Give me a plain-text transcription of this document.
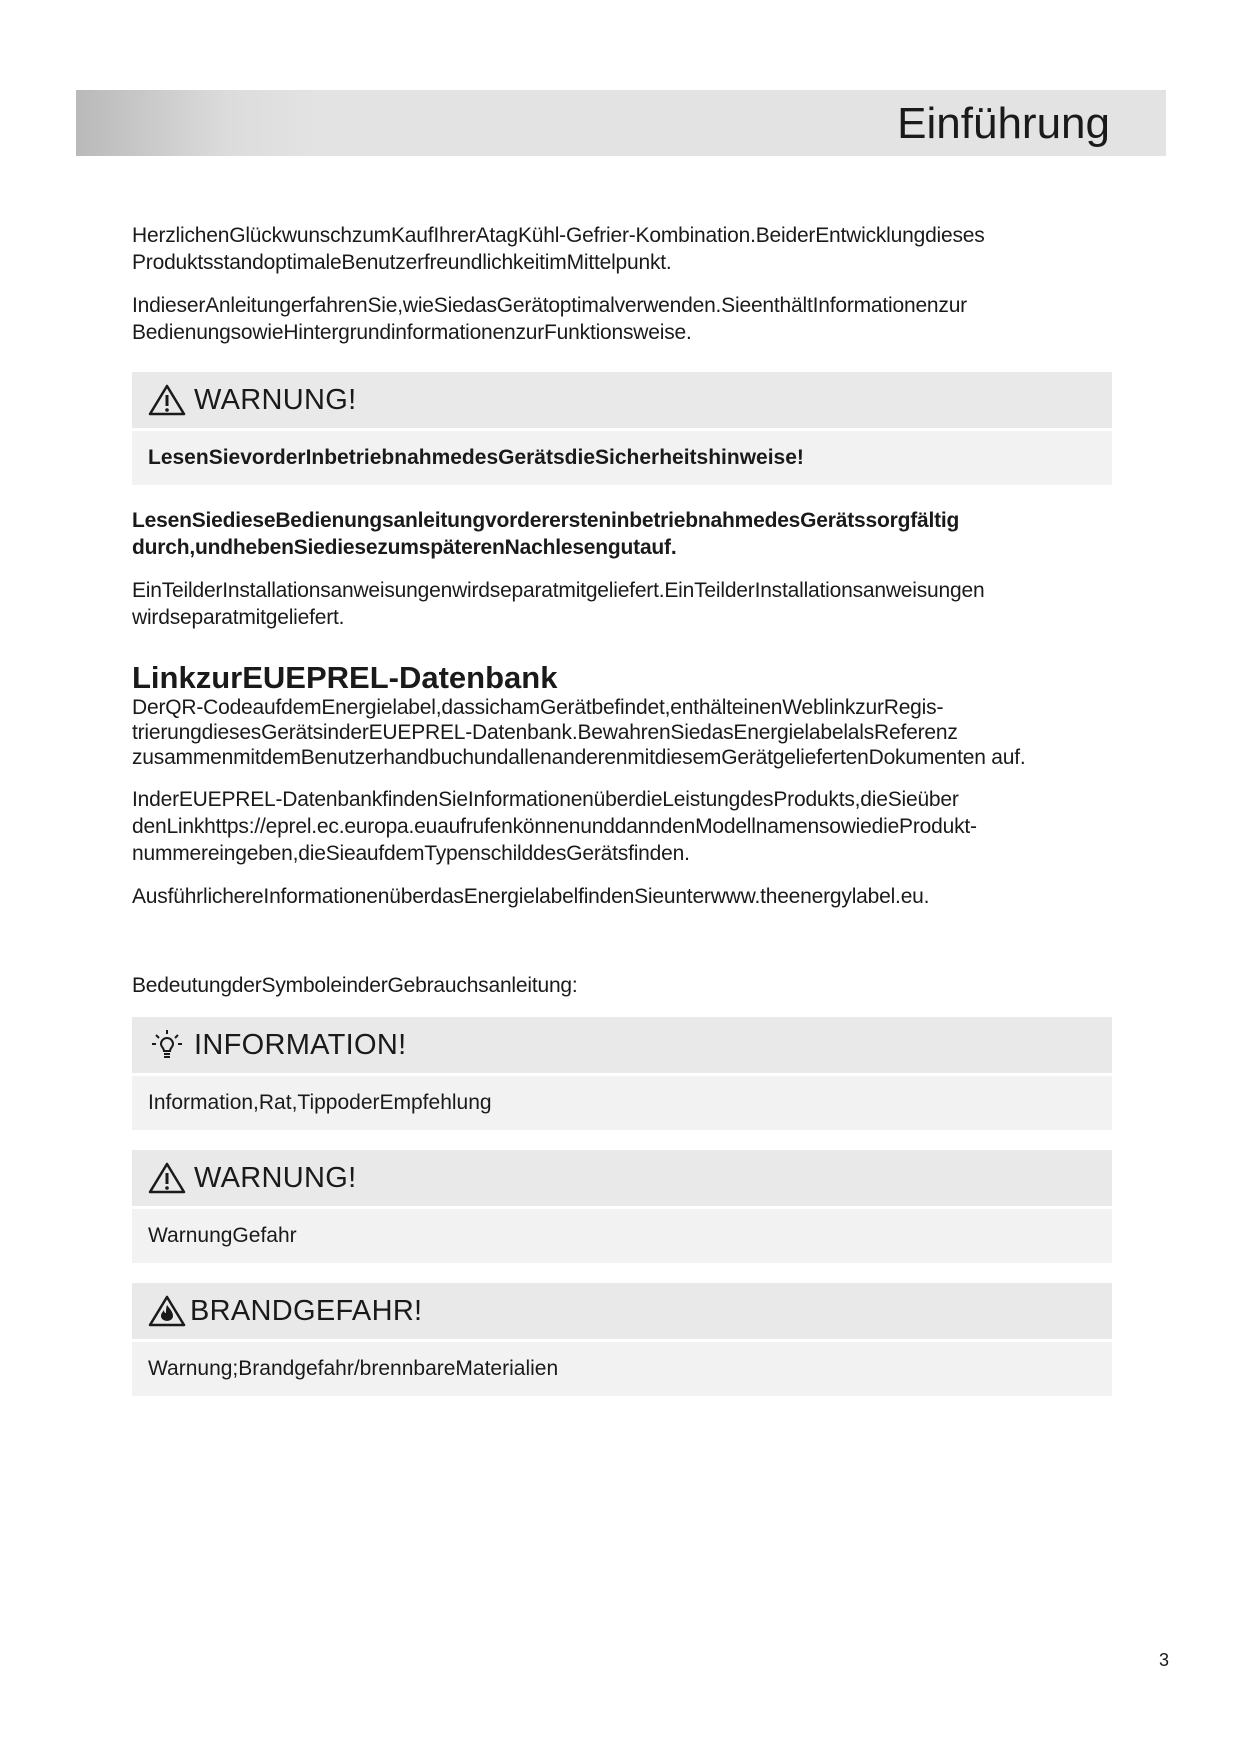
Einführung

HerzlichenGlückwunschzumKaufIhrerAtagKühl-Gefrier-Kombination.BeiderEntwicklungdieses ProduktsstandoptimaleBenutzerfreundlichkeitimMittelpunkt.

IndieserAnleitungerfahrenSie,wieSiedasGerätoptimalverwenden.SieenthältInformationenzur BedienungsowieHintergrundinformationenzurFunktionsweise.

WARNUNG!
LesenSievorderInbetriebnahmedesGerätsdieSicherheitshinweise!

LesenSiedieseBedienungsanleitungvorderersteninbetriebnahmedesGerätssorgfältig durch,undhebenSiediesezumspäterenNachlesengutauf.

EinTeilderInstallationsanweisungenwirdseparatmitgeliefert.EinTeilderInstallationsanweisungen wirdseparatmitgeliefert.

LinkzurEUEPREL-Datenbank

DerQR-CodeaufdemEnergielabel,dassichamGerätbefindet,enthälteinenWeblinkzurRegistrierungdiesesGerätsinderEUEPREL-Datenbank.BewahrenSiedasEnergielabelalsReferenz zusammenmitdemBenutzerhandbuchundallenanderenmitdiesemGerätgeliefertenDokumenten auf.

InderEUEPREL-DatenbankfindenSieInformationenüberdieLeistungdesProdukts,dieSieüber denLinkhttps://eprel.ec.europa.euaufrufenkönnenunddanndenModellnamensowiedieProduktnummereingeben,dieSieaufdemTypenschilddesGerätsfinden.

AusführlichereInformationenüberdasEnergielabelfindenSieunterwww.theenergylabel.eu.

BedeutungderSymboleinderGebrauchsanleitung:

INFORMATION!
Information,Rat,TippoderEmpfehlung
WARNUNG!
WarnungGefahr
BRANDGEFAHR!
Warnung;Brandgefahr/brennbareMaterialien
3
